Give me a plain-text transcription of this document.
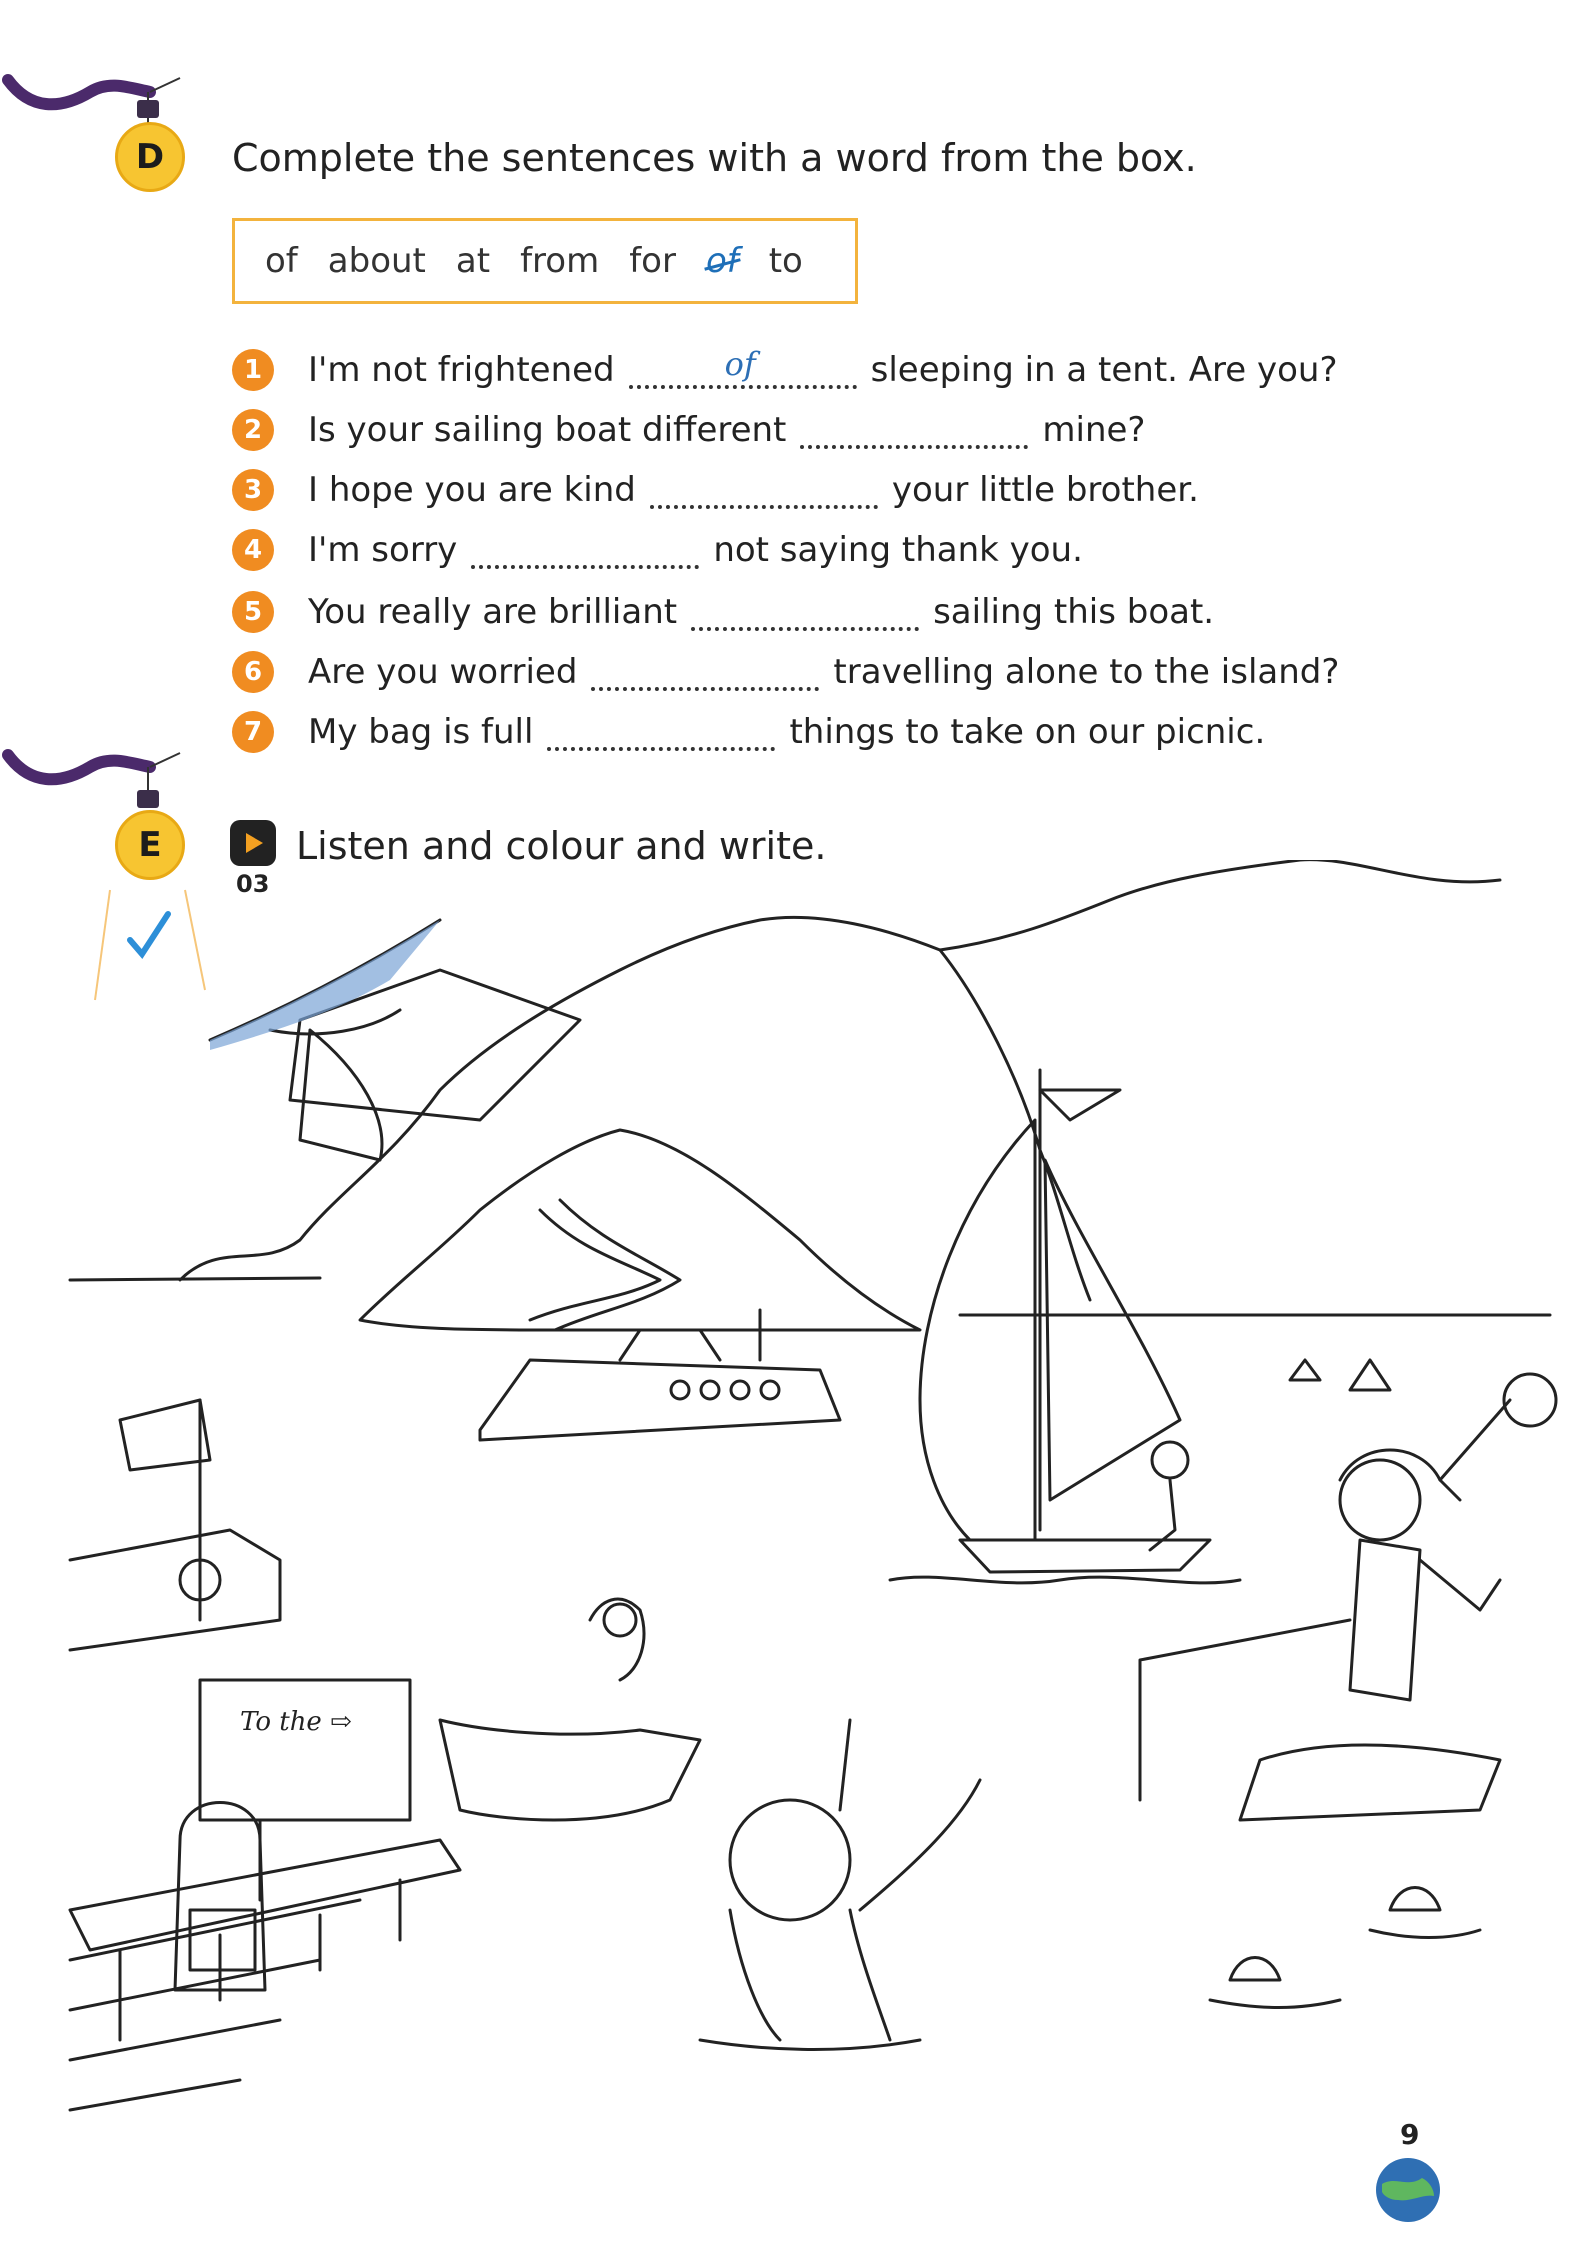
D	Complete the sentences with a word from the box.
of about at from for of to
1	I'm not frightened	of	sleeping in a tent. Are you?
2	Is your sailing boat different	mine?
3	I hope you are kind	your little brother.
4	I'm sorry	not saying thank you.
5	You really are brilliant	sailing this boat.
6	Are you worried	travelling alone to the island?
7	My bag is full	things to take on our picnic.
E
03
Listen and colour and write.
To the ⇨
9
